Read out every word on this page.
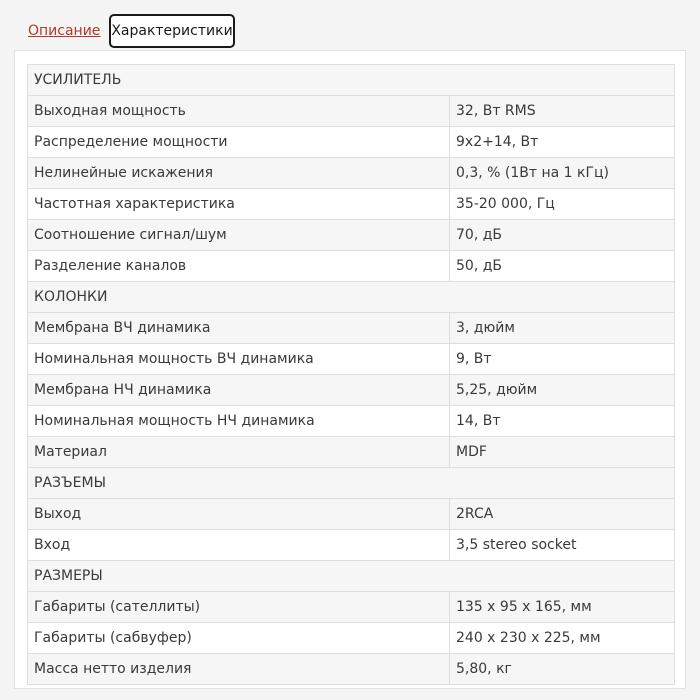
Описание Характеристики
УСИЛИТЕЛЬ	
Выходная мощность	32, Вт RMS
Распределение мощности	9x2+14, Вт
Нелинейные искажения	0,3, % (1Вт на 1 кГц)
Частотная характеристика	35-20 000, Гц
Соотношение сигнал/шум	70, дБ
Разделение каналов	50, дБ
КОЛОНКИ	
Мембрана ВЧ динамика	3, дюйм
Номинальная мощность ВЧ динамика	9, Вт
Мембрана НЧ динамика	5,25, дюйм
Номинальная мощность НЧ динамика	14, Вт
Материал	MDF
РАЗЪЕМЫ	
Выход	2RCA
Вход	3,5 stereo socket
РАЗМЕРЫ	
Габариты (сателлиты)	135 x 95 x 165, мм
Габариты (сабвуфер)	240 x 230 x 225, мм
Масса нетто изделия	5,80, кг
